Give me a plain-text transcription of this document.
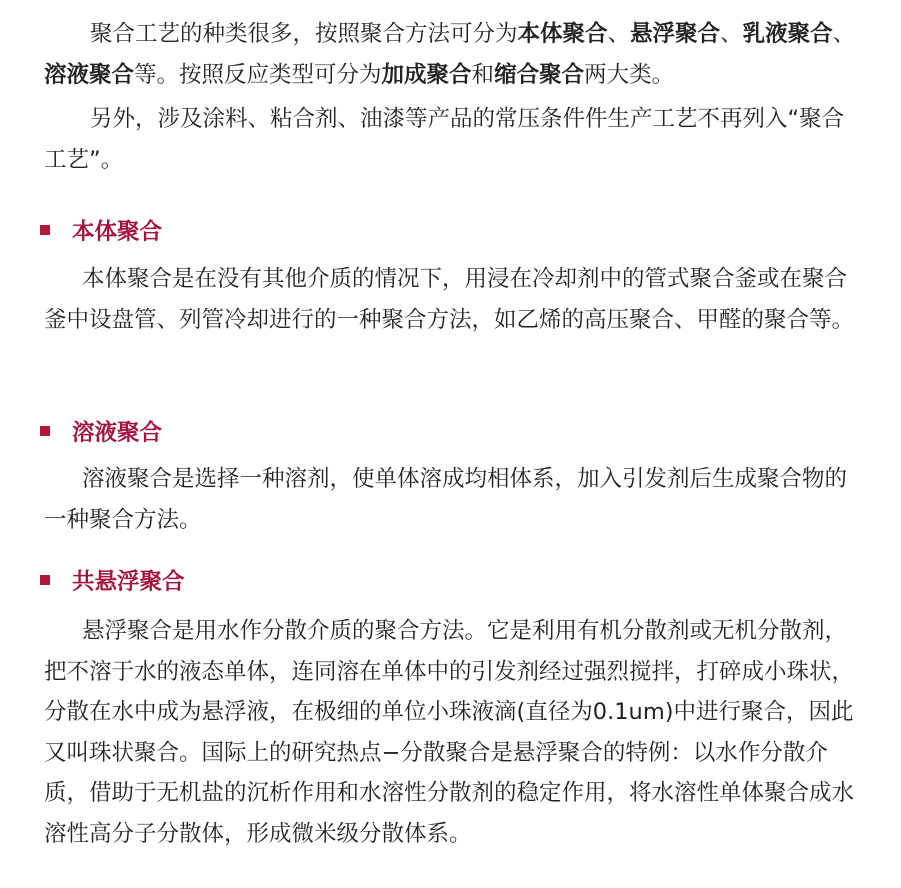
聚合工艺的种类很多，按照聚合方法可分为本体聚合、悬浮聚合、乳液聚合、溶液聚合等。按照反应类型可分为加成聚合和缩合聚合两大类。

另外，涉及涂料、粘合剂、油漆等产品的常压条件件生产工艺不再列入“聚合工艺”。

本体聚合

本体聚合是在没有其他介质的情况下，用浸在冷却剂中的管式聚合釜或在聚合釜中设盘管、列管冷却进行的一种聚合方法，如乙烯的高压聚合、甲醛的聚合等。

溶液聚合

溶液聚合是选择一种溶剂，使单体溶成均相体系，加入引发剂后生成聚合物的一种聚合方法。

共悬浮聚合

悬浮聚合是用水作分散介质的聚合方法。它是利用有机分散剂或无机分散剂，把不溶于水的液态单体，连同溶在单体中的引发剂经过强烈搅拌，打碎成小珠状，分散在水中成为悬浮液，在极细的单位小珠液滴(直径为0.1um)中进行聚合，因此又叫珠状聚合。国际上的研究热点−分散聚合是悬浮聚合的特例：以水作分散介质，借助于无机盐的沉析作用和水溶性分散剂的稳定作用，将水溶性单体聚合成水溶性高分子分散体，形成微米级分散体系。
